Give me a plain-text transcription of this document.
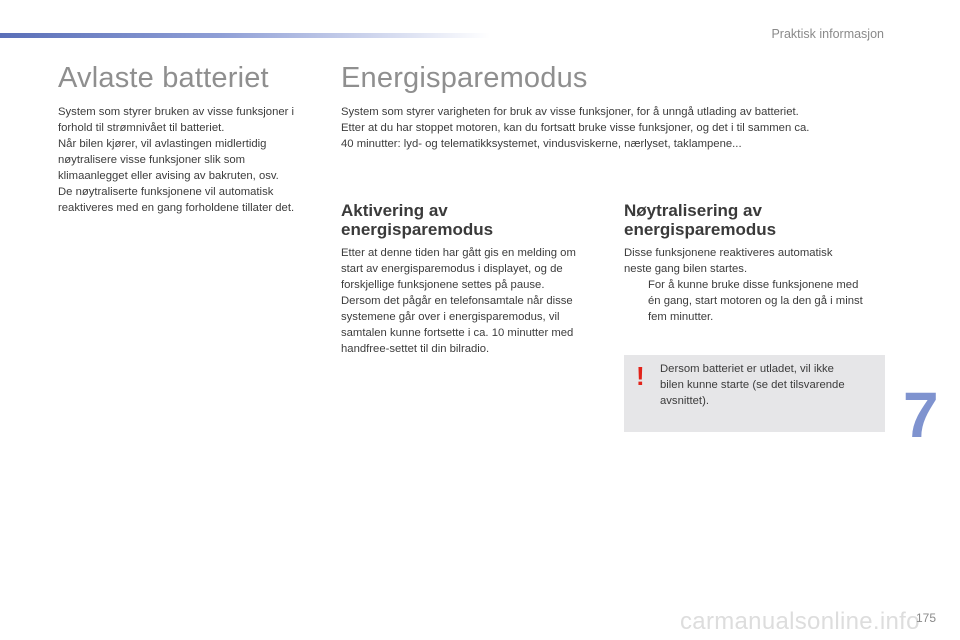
Praktisk informasjon
Avlaste batteriet

System som styrer bruken av visse funksjoner i

forhold til strømnivået til batteriet.

Når bilen kjører, vil avlastingen midlertidig

nøytralisere visse funksjoner slik som

klimaanlegget eller avising av bakruten, osv.

De nøytraliserte funksjonene vil automatisk

reaktiveres med en gang forholdene tillater det.

Energisparemodus

System som styrer varigheten for bruk av visse funksjoner, for å unngå utlading av batteriet.

Etter at du har stoppet motoren, kan du fortsatt bruke visse funksjoner, og det i til sammen ca.

40 minutter: lyd- og telematikksystemet, vindusviskerne, nærlyset, taklampene...

Aktivering av
energisparemodus

Etter at denne tiden har gått gis en melding om

start av energisparemodus i displayet, og de

forskjellige funksjonene settes på pause.

Dersom det pågår en telefonsamtale når disse

systemene går over i energisparemodus, vil

samtalen kunne fortsette i ca. 10 minutter med

handfree-settet til din bilradio.

Nøytralisering av
energisparemodus

Disse funksjonene reaktiveres automatisk

neste gang bilen startes.

For å kunne bruke disse funksjonene med

én gang, start motoren og la den gå i minst

fem minutter.

! Dersom batteriet er utladet, vil ikke
bilen kunne starte (se det tilsvarende
avsnittet).	7
carmanualsonline.info
175
